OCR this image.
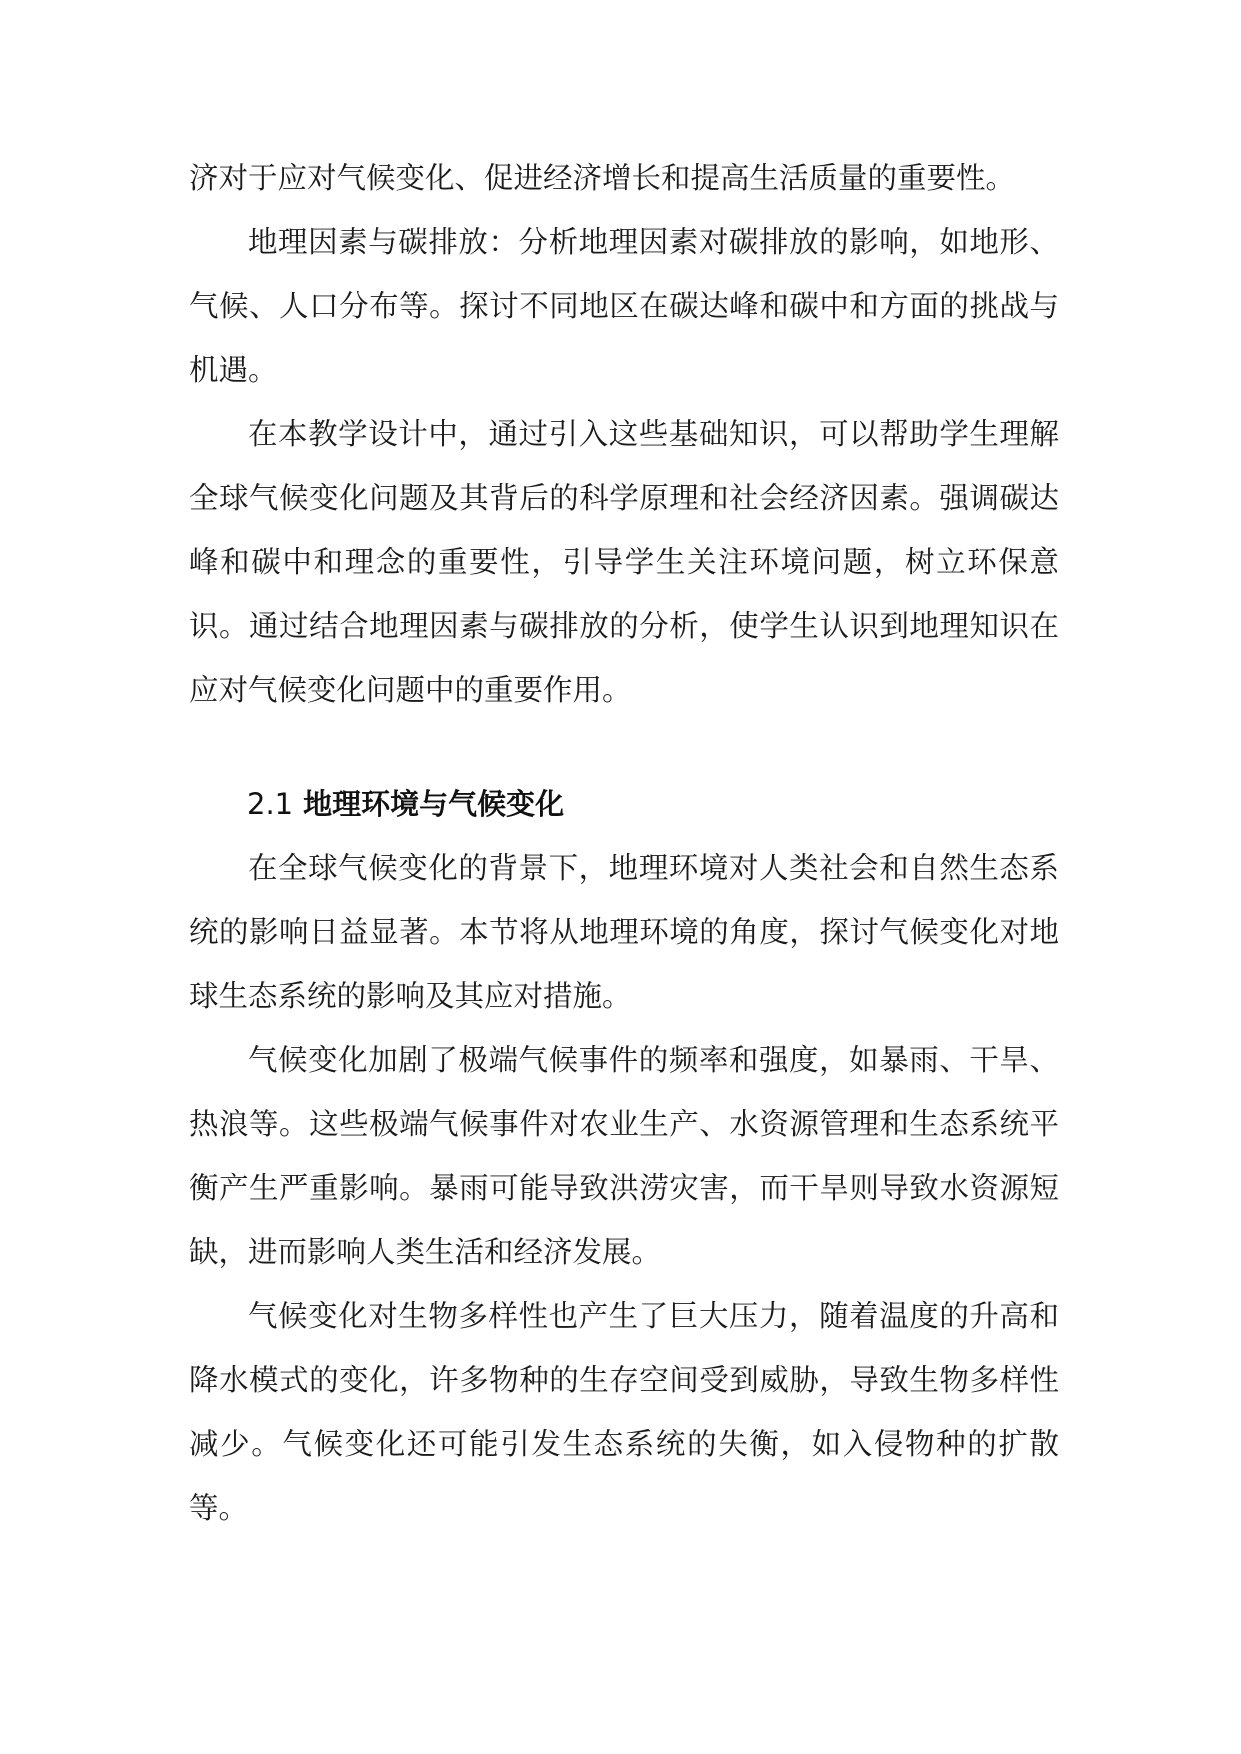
济对于应对气候变化、促进经济增长和提高生活质量的重要性。

地理因素与碳排放：分析地理因素对碳排放的影响，如地形、气候、人口分布等。探讨不同地区在碳达峰和碳中和方面的挑战与机遇。

在本教学设计中，通过引入这些基础知识，可以帮助学生理解全球气候变化问题及其背后的科学原理和社会经济因素。强调碳达峰和碳中和理念的重要性，引导学生关注环境问题，树立环保意识。通过结合地理因素与碳排放的分析，使学生认识到地理知识在应对气候变化问题中的重要作用。

2.1 地理环境与气候变化

在全球气候变化的背景下，地理环境对人类社会和自然生态系统的影响日益显著。本节将从地理环境的角度，探讨气候变化对地球生态系统的影响及其应对措施。

气候变化加剧了极端气候事件的频率和强度，如暴雨、干旱、热浪等。这些极端气候事件对农业生产、水资源管理和生态系统平衡产生严重影响。暴雨可能导致洪涝灾害，而干旱则导致水资源短缺，进而影响人类生活和经济发展。

气候变化对生物多样性也产生了巨大压力，随着温度的升高和降水模式的变化，许多物种的生存空间受到威胁，导致生物多样性减少。气候变化还可能引发生态系统的失衡，如入侵物种的扩散等。
